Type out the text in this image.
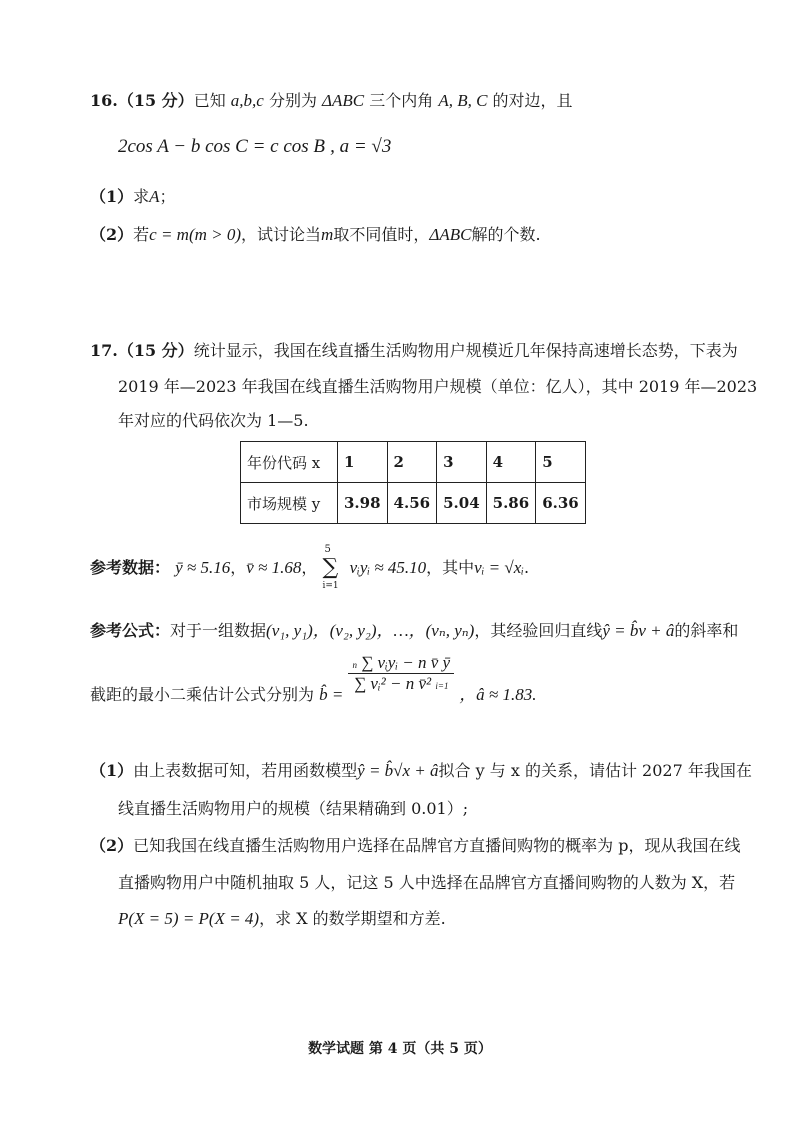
16.（15 分）已知 a,b,c 分别为 ΔABC 三个内角 A, B, C 的对边，且
2cos A − b cos C = c cos B , a = √3
（1）求A；
（2）若c = m(m > 0)，试讨论当m取不同值时，ΔABC解的个数.
17.（15 分）统计显示，我国在线直播生活购物用户规模近几年保持高速增长态势，下表为
2019 年—2023 年我国在线直播生活购物用户规模（单位：亿人），其中 2019 年—2023
年对应的代码依次为 1—5.
年份代码 x	1	2	3	4	5
市场规模 y	3.98	4.56	5.04	5.86	6.36
参考数据： ȳ ≈ 5.16，v̄ ≈ 1.68，
5
∑
i=1
vᵢyᵢ ≈ 45.10，其中vᵢ = √xᵢ.
参考公式：对于一组数据(v₁, y₁)，(v₂, y₂)，…，(vₙ, yₙ)，其经验回归直线ŷ = b̂v + â的斜率和
截距的最小二乘估计公式分别为 b̂ =
$\frac{\text{n ∑ vᵢyᵢ − n v̄ ȳ}}{\text{∑ vᵢ² − n v̄² i=1}}$
，â ≈ 1.83.
（1）由上表数据可知，若用函数模型ŷ = b̂√x + â拟合 y 与 x 的关系，请估计 2027 年我国在
线直播生活购物用户的规模（结果精确到 0.01）;
（2）已知我国在线直播生活购物用户选择在品牌官方直播间购物的概率为 p，现从我国在线
直播购物用户中随机抽取 5 人，记这 5 人中选择在品牌官方直播间购物的人数为 X，若
P(X = 5) = P(X = 4)，求 X 的数学期望和方差.
数学试题 第 4 页（共 5 页）
